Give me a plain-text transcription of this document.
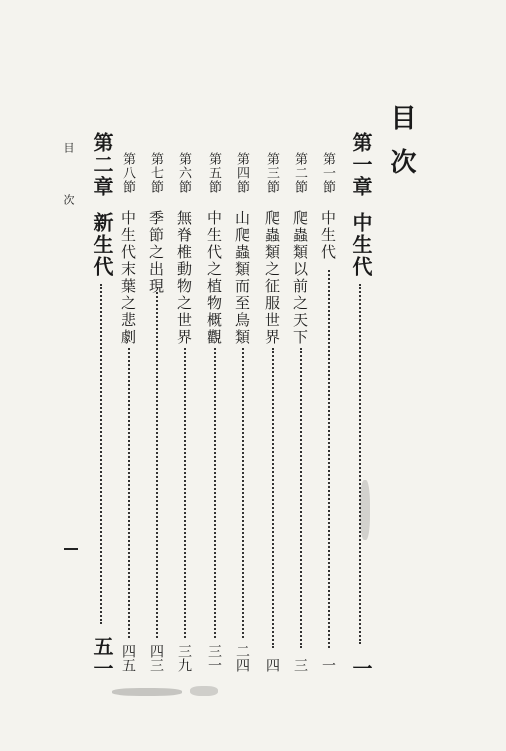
目次
目 次	第一章
中生代
一
第一節
中生代
一
第二節
爬蟲類以前之天下
三
第三節
爬蟲類之征服世界
四
第四節
山爬蟲類而至鳥類
二四
第五節
中生代之植物概觀
三一
第六節
無脊椎動物之世界
三九
第七節
季節之出現
四三
第八節
中生代末葉之悲劇
四五
第二章
新生代
五一
